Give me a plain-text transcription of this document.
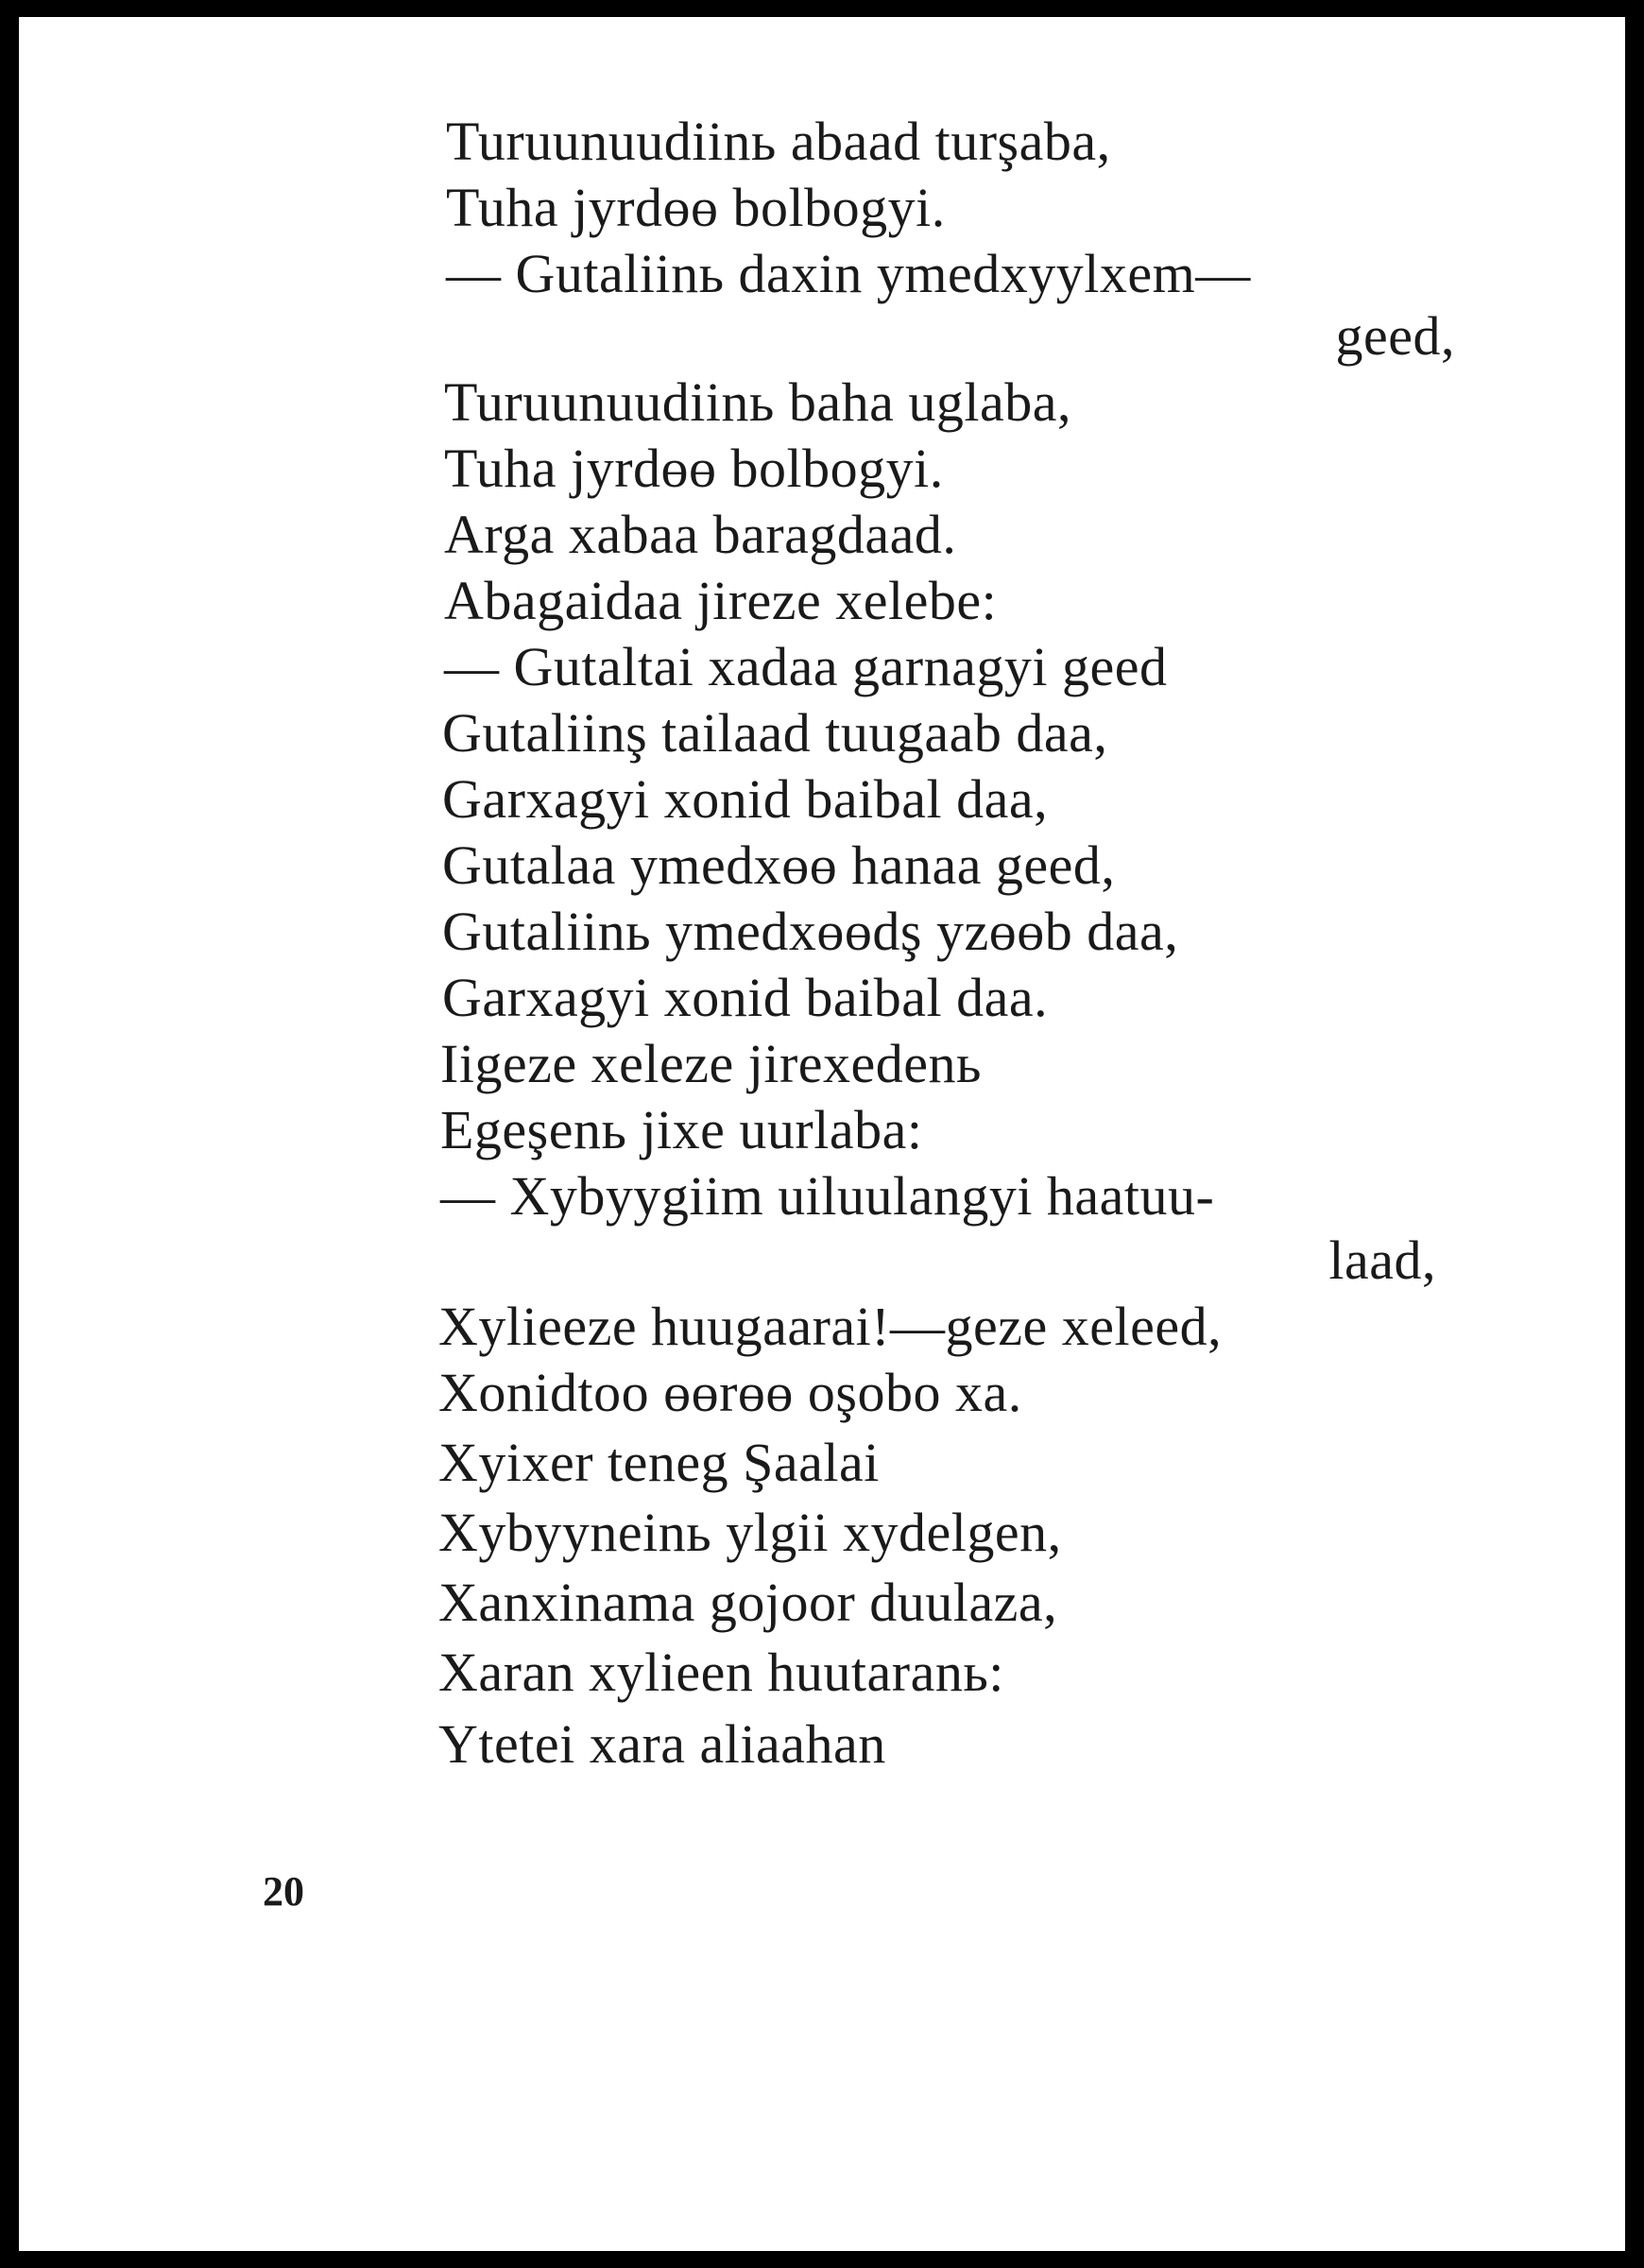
Turuunuudiinь abaad turşaba,
Tuha jyrdөө bolbogyi.
— Gutaliinь daxin ymedxyylxem—
geed,
Turuunuudiinь baha uglaba,
Tuha jyrdөө bolbogyi.
Arga xabaa baragdaad.
Abagaidaa jireze xelebe:
— Gutaltai xadaa garnagyi geed
Gutaliinş tailaad tuugaab daa,
Garxagyi xonid baibal daa,
Gutalaa ymedxөө hanaa geed,
Gutaliinь ymedxөөdş yzөөb daa,
Garxagyi xonid baibal daa.
Iigeze xeleze jirexedenь
Egeşenь jixe uurlaba:
— Xybyygiim uiluulangyi haatuu-
laad,
Xylieeze huugaarai!—geze xeleed,
Xonidtoo өөrөө oşobo xa.
Xyixer teneg Şaalai
Xybyyneinь ylgii xydelgen,
Xanxinama gojoor duulaza,
Xaran xylieen huutaranь:
Ytetei xara aliaahan
20
